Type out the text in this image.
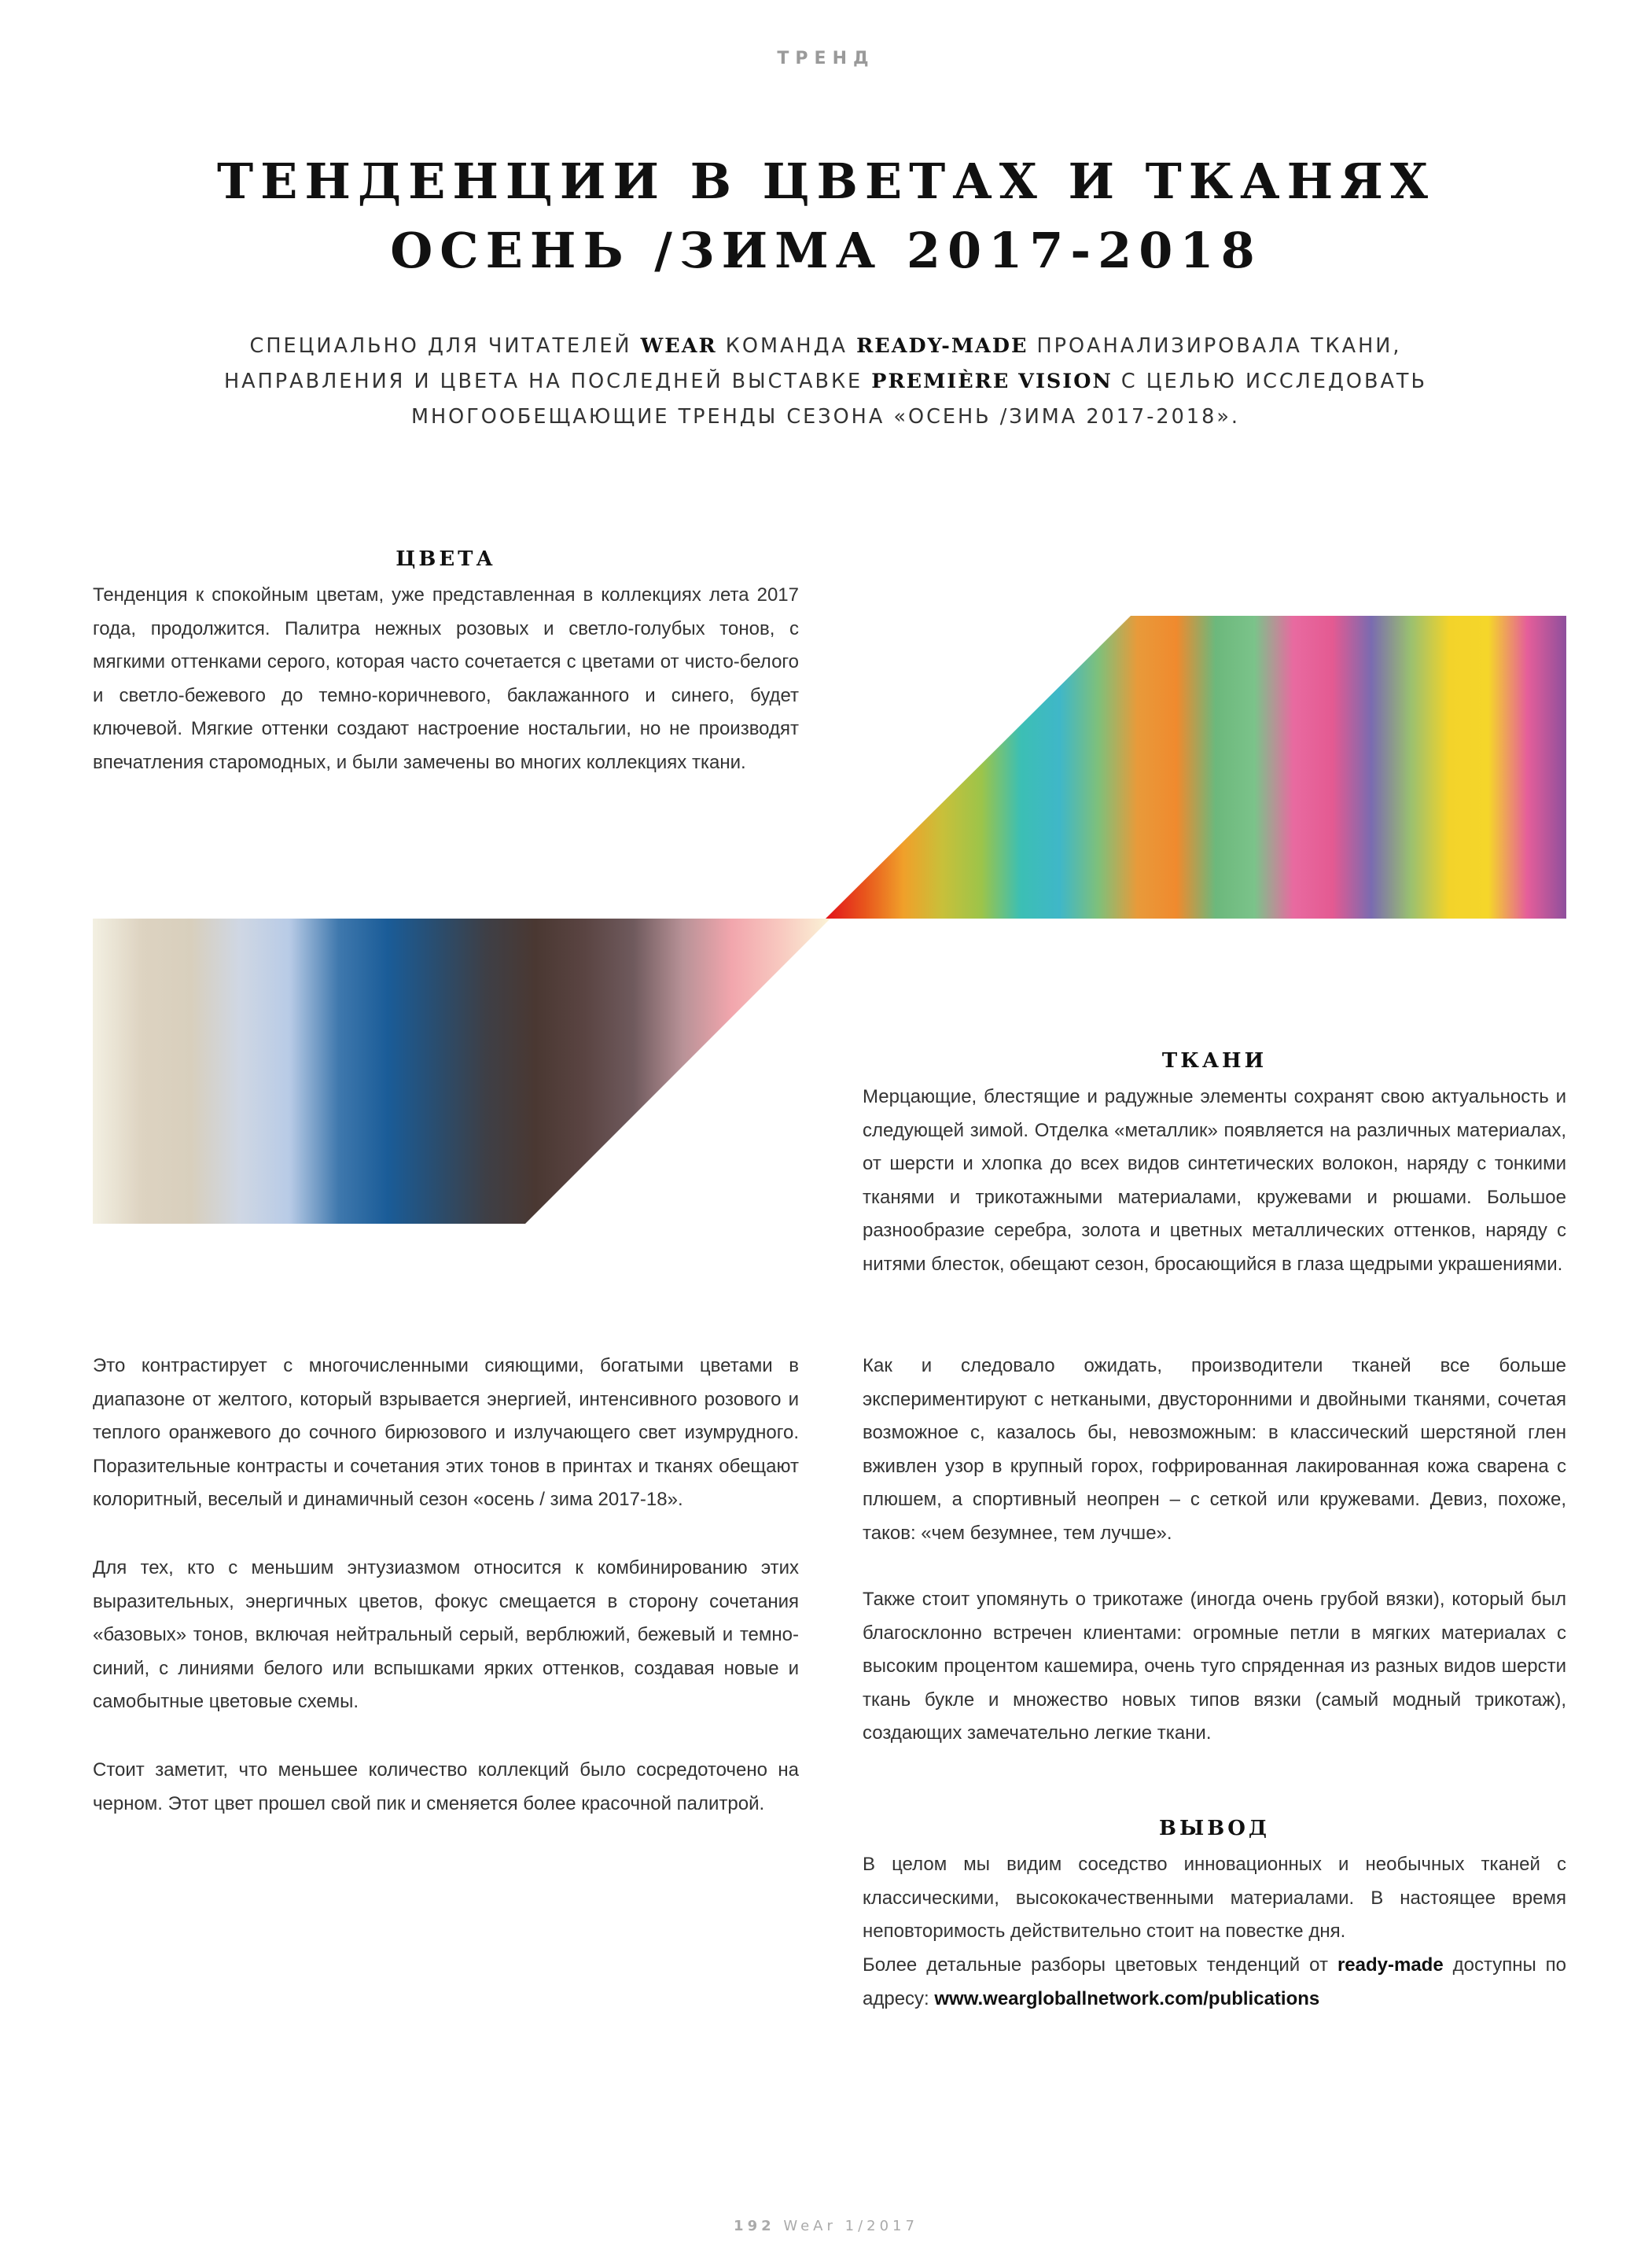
ТРЕНД
ТЕНДЕНЦИИ В ЦВЕТАХ И ТКАНЯХ
ОСЕНЬ /ЗИМА 2017-2018
СПЕЦИАЛЬНО ДЛЯ ЧИТАТЕЛЕЙ WEAR КОМАНДА READY-MADE ПРОАНАЛИЗИРОВАЛА ТКАНИ,
НАПРАВЛЕНИЯ И ЦВЕТА НА ПОСЛЕДНЕЙ ВЫСТАВКЕ PREMIÈRE VISION С ЦЕЛЬЮ ИССЛЕДОВАТЬ
МНОГООБЕЩАЮЩИЕ ТРЕНДЫ СЕЗОНА «ОСЕНЬ /ЗИМА 2017-2018».
ЦВЕТА
Тенденция к спокойным цветам, уже представленная в коллекциях лета 2017 года, продолжится. Палитра нежных розовых и светло-голубых тонов, с мягкими оттенками серого, которая часто сочетается с цветами от чисто-белого и светло-бежевого до темно-коричневого, баклажанного и синего, будет ключевой. Мягкие оттенки создают настроение ностальгии, но не производят впечатления старомодных, и были замечены во многих коллекциях ткани.
Это контрастирует с многочисленными сияющими, богатыми цветами в диапазоне от желтого, который взрывается энергией, интенсивного розового и теплого оранжевого до сочного бирюзового и излучающего свет изумрудного. Поразительные контрасты и сочетания этих тонов в принтах и тканях обещают колоритный, веселый и динамичный сезон «осень / зима 2017-18».
Для тех, кто с меньшим энтузиазмом относится к комбинированию этих выразительных, энергичных цветов, фокус смещается в сторону сочетания «базовых» тонов, включая нейтральный серый, верблюжий, бежевый и темно-синий, с линиями белого или вспышками ярких оттенков, создавая новые и самобытные цветовые схемы.
Стоит заметит, что меньшее количество коллекций было сосредоточено на черном. Этот цвет прошел свой пик и сменяется более красочной палитрой.
ТКАНИ
Мерцающие, блестящие и радужные элементы сохранят свою актуальность и следующей зимой. Отделка «металлик» появляется на различных материалах, от шерсти и хлопка до всех видов синтетических волокон, наряду с тонкими тканями и трикотажными материалами, кружевами и рюшами. Большое разнообразие серебра, золота и цветных металлических оттенков, наряду с нитями блесток, обещают сезон, бросающийся в глаза щедрыми украшениями.
Как и следовало ожидать, производители тканей все больше экспериментируют с неткаными, двусторонними и двойными тканями, сочетая возможное с, казалось бы, невозможным: в классический шерстяной глен вживлен узор в крупный горох, гофрированная лакированная кожа сварена с плюшем, а спортивный неопрен – с сеткой или кружевами. Девиз, похоже, таков: «чем безумнее, тем лучше».
Также стоит упомянуть о трикотаже (иногда очень грубой вязки), который был благосклонно встречен клиентами: огромные петли в мягких материалах с высоким процентом кашемира, очень туго спряденная из разных видов шерсти ткань букле и множество новых типов вязки (самый модный трикотаж), создающих замечательно легкие ткани.
ВЫВОД
В целом мы видим соседство инновационных и необычных тканей с классическими, высококачественными материалами. В настоящее время неповторимость действительно стоит на повестке дня.
Более детальные разборы цветовых тенденций от ready-made доступны по адресу: www.weargloballnetwork.com/publications
192 WeAr 1/2017
